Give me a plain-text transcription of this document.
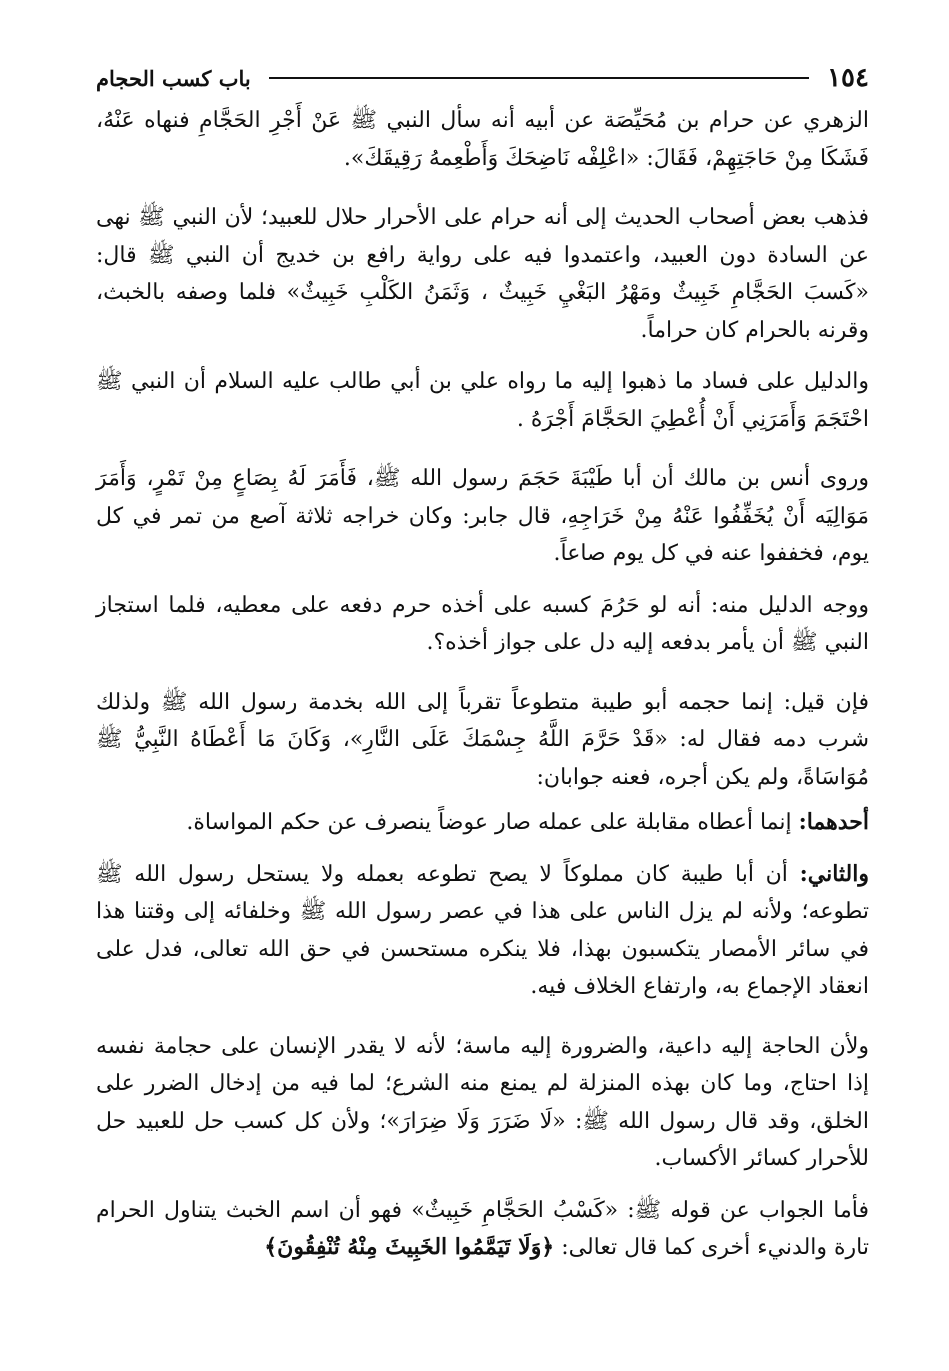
١٥٤
باب كسب الحجام

الزهري عن حرام بن مُحَيِّصَة عن أبيه أنه سأل النبي ﷺ عَنْ أَجْرِ الحَجَّامِ فنهاه عَنْهُ، فَشَكَا مِنْ حَاجَتِهِمْ، فَقَالَ: «اعْلِفْه نَاضِحَكَ وَأَطْعِمهُ رَقِيقَكَ».

فذهب بعض أصحاب الحديث إلى أنه حرام على الأحرار حلال للعبيد؛ لأن النبي ﷺ نهى عن السادة دون العبيد، واعتمدوا فيه على رواية رافع بن خديج أن النبي ﷺ قال: «كَسبَ الحَجَّامِ خَبِيثٌ ومَهْرُ البَغْيِ خَبِيثٌ ، وَثَمَنُ الكَلْبِ خَبِيثٌ» فلما وصفه بالخبث، وقرنه بالحرام كان حراماً.

والدليل على فساد ما ذهبوا إليه ما رواه علي بن أبي طالب عليه السلام أن النبي ﷺ احْتَجَمَ وَأَمَرَنِي أَنْ أُعْطِيَ الحَجَّامَ أَجْرَهُ .

وروى أنس بن مالك أن أبا طَيْبَةَ حَجَمَ رسول الله ﷺ، فَأَمَرَ لَهُ بِصَاعٍ مِنْ تَمْرٍ، وَأَمَرَ مَوَالِيَه أَنْ يُخَفِّفُوا عَنْهُ مِنْ خَرَاجِهِ، قال جابر: وكان خراجه ثلاثة آصع من تمر في كل يوم، فخففوا عنه في كل يوم صاعاً.

ووجه الدليل منه: أنه لو حَرُمَ كسبه على أخذه حرم دفعه على معطيه، فلما استجاز النبي ﷺ أن يأمر بدفعه إليه دل على جواز أخذه؟.

فإن قيل: إنما حجمه أبو طيبة متطوعاً تقرباً إلى الله بخدمة رسول الله ﷺ ولذلك شرب دمه فقال له: «قَدْ حَرَّمَ اللَّهُ جِسْمَكَ عَلَى النَّارِ»، وَكَانَ مَا أَعْطَاهُ النَّبِيُّ ﷺ مُوَاسَاةً، ولم يكن أجره، فعنه جوابان:

أحدهما: إنما أعطاه مقابلة على عمله صار عوضاً ينصرف عن حكم المواساة.

والثاني: أن أبا طيبة كان مملوكاً لا يصح تطوعه بعمله ولا يستحل رسول الله ﷺ تطوعه؛ ولأنه لم يزل الناس على هذا في عصر رسول الله ﷺ وخلفائه إلى وقتنا هذا في سائر الأمصار يتكسبون بهذا، فلا ينكره مستحسن في حق الله تعالى، فدل على انعقاد الإجماع به، وارتفاع الخلاف فيه.

ولأن الحاجة إليه داعية، والضرورة إليه ماسة؛ لأنه لا يقدر الإنسان على حجامة نفسه إذا احتاج، وما كان بهذه المنزلة لم يمنع منه الشرع؛ لما فيه من إدخال الضرر على الخلق، وقد قال رسول الله ﷺ: «لَا ضَرَرَ وَلَا ضِرَارَ»؛ ولأن كل كسب حل للعبيد حل للأحرار كسائر الأكساب.

فأما الجواب عن قوله ﷺ: «كَسْبُ الحَجَّامِ خَبِيثٌ» فهو أن اسم الخبث يتناول الحرام تارة والدنيء أخرى كما قال تعالى: ﴿وَلَا تَيَمَّمُوا الخَبِيثَ مِنْهُ تُنْفِقُونَ﴾
